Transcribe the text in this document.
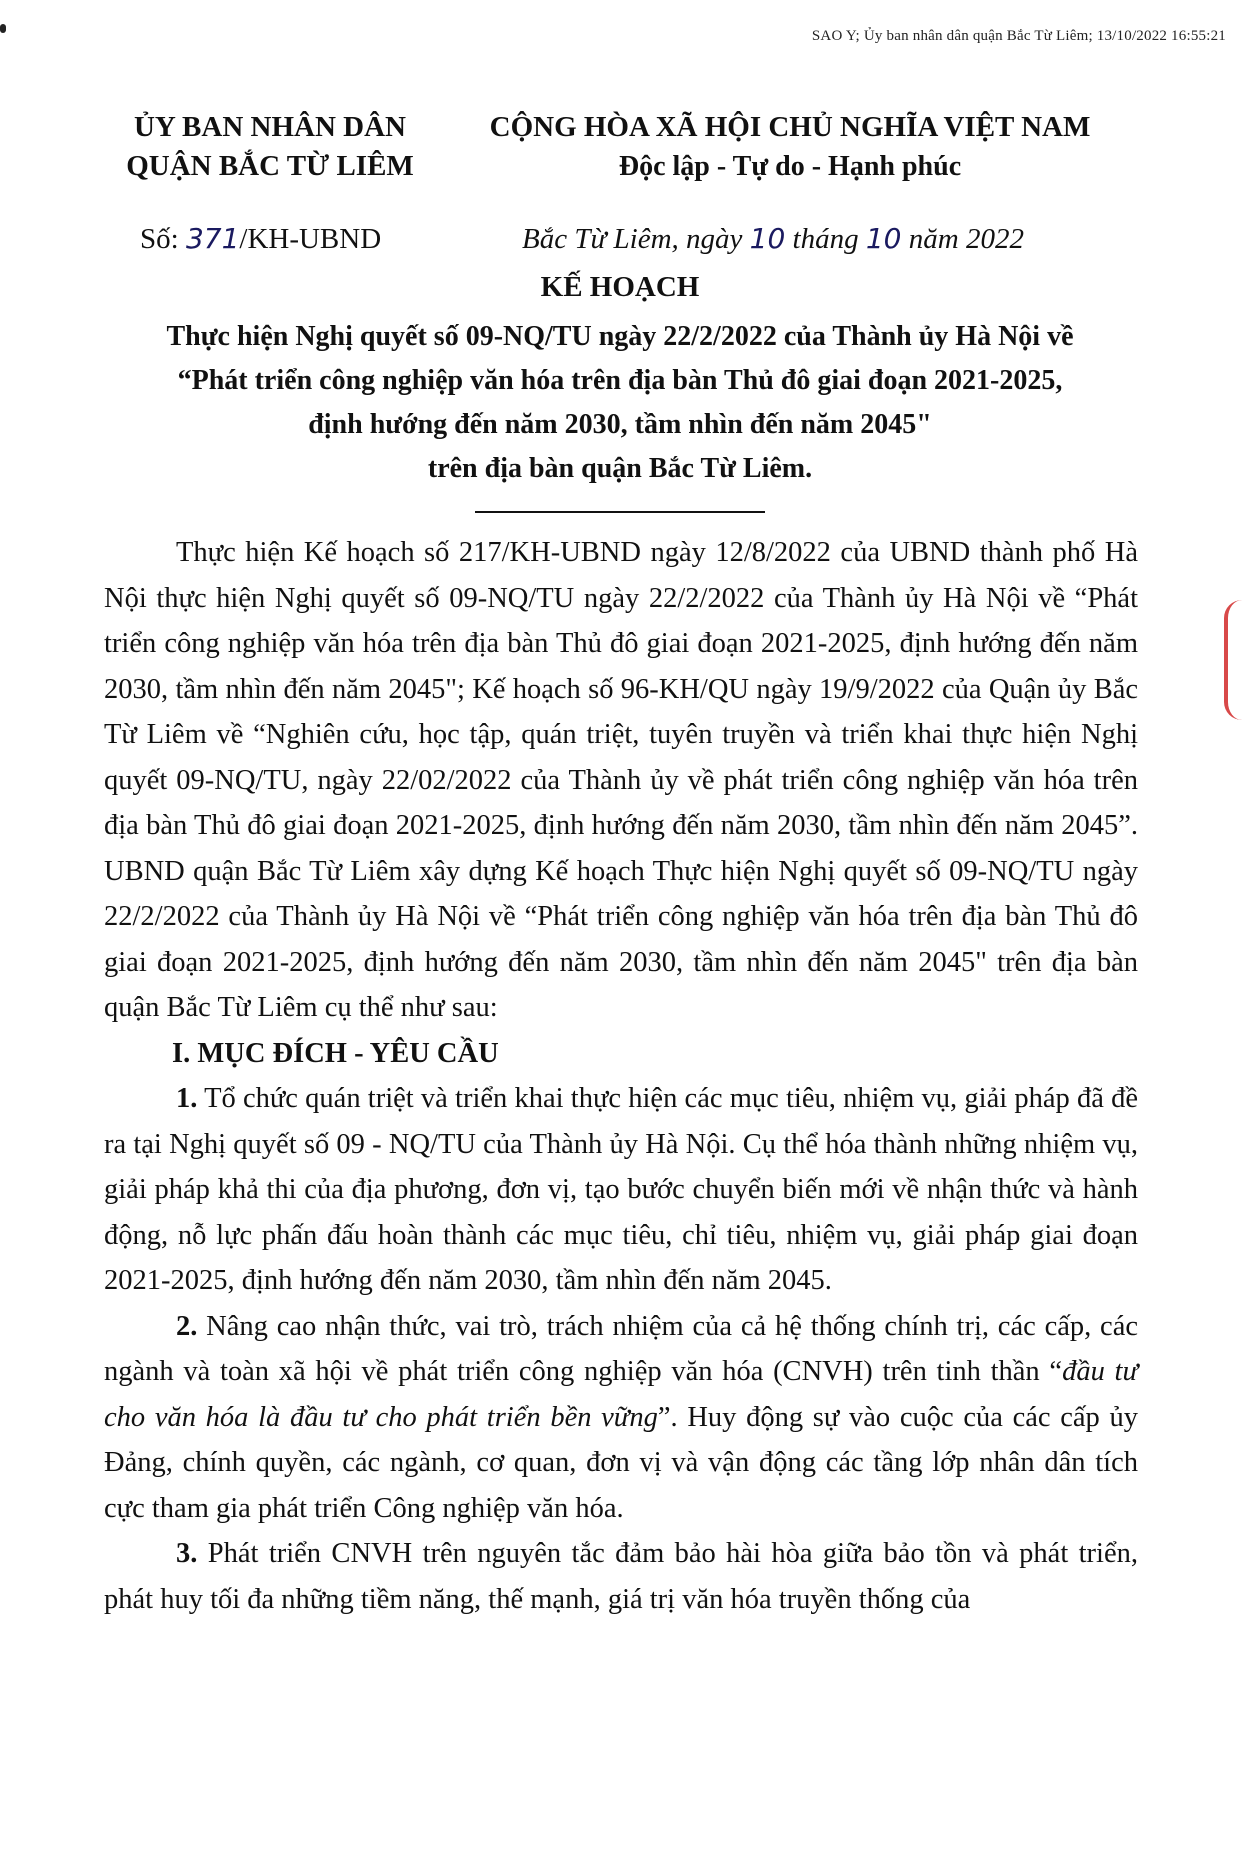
SAO Y; Ủy ban nhân dân quận Bắc Từ Liêm; 13/10/2022 16:55:21
ỦY BAN NHÂN DÂN
QUẬN BẮC TỪ LIÊM
CỘNG HÒA XÃ HỘI CHỦ NGHĨA VIỆT NAM
Độc lập - Tự do - Hạnh phúc
Số: 371/KH-UBND	Bắc Từ Liêm, ngày 10 tháng 10 năm 2022
KẾ HOẠCH
Thực hiện Nghị quyết số 09-NQ/TU ngày 22/2/2022 của Thành ủy Hà Nội về
“Phát triển công nghiệp văn hóa trên địa bàn Thủ đô giai đoạn 2021-2025,
định hướng đến năm 2030, tầm nhìn đến năm 2045"
trên địa bàn quận Bắc Từ Liêm.

Thực hiện Kế hoạch số 217/KH-UBND ngày 12/8/2022 của UBND thành phố Hà Nội thực hiện Nghị quyết số 09-NQ/TU ngày 22/2/2022 của Thành ủy Hà Nội về “Phát triển công nghiệp văn hóa trên địa bàn Thủ đô giai đoạn 2021-2025, định hướng đến năm 2030, tầm nhìn đến năm 2045"; Kế hoạch số 96-KH/QU ngày 19/9/2022 của Quận ủy Bắc Từ Liêm về “Nghiên cứu, học tập, quán triệt, tuyên truyền và triển khai thực hiện Nghị quyết 09-NQ/TU, ngày 22/02/2022 của Thành ủy về phát triển công nghiệp văn hóa trên địa bàn Thủ đô giai đoạn 2021-2025, định hướng đến năm 2030, tầm nhìn đến năm 2045”. UBND quận Bắc Từ Liêm xây dựng Kế hoạch Thực hiện Nghị quyết số 09-NQ/TU ngày 22/2/2022 của Thành ủy Hà Nội về “Phát triển công nghiệp văn hóa trên địa bàn Thủ đô giai đoạn 2021-2025, định hướng đến năm 2030, tầm nhìn đến năm 2045" trên địa bàn quận Bắc Từ Liêm cụ thể như sau:

I. MỤC ĐÍCH - YÊU CẦU

1. Tổ chức quán triệt và triển khai thực hiện các mục tiêu, nhiệm vụ, giải pháp đã đề ra tại Nghị quyết số 09 - NQ/TU của Thành ủy Hà Nội. Cụ thể hóa thành những nhiệm vụ, giải pháp khả thi của địa phương, đơn vị, tạo bước chuyển biến mới về nhận thức và hành động, nỗ lực phấn đấu hoàn thành các mục tiêu, chỉ tiêu, nhiệm vụ, giải pháp giai đoạn 2021-2025, định hướng đến năm 2030, tầm nhìn đến năm 2045.

2. Nâng cao nhận thức, vai trò, trách nhiệm của cả hệ thống chính trị, các cấp, các ngành và toàn xã hội về phát triển công nghiệp văn hóa (CNVH) trên tinh thần “đầu tư cho văn hóa là đầu tư cho phát triển bền vững”. Huy động sự vào cuộc của các cấp ủy Đảng, chính quyền, các ngành, cơ quan, đơn vị và vận động các tầng lớp nhân dân tích cực tham gia phát triển Công nghiệp văn hóa.

3. Phát triển CNVH trên nguyên tắc đảm bảo hài hòa giữa bảo tồn và phát triển, phát huy tối đa những tiềm năng, thế mạnh, giá trị văn hóa truyền thống của
